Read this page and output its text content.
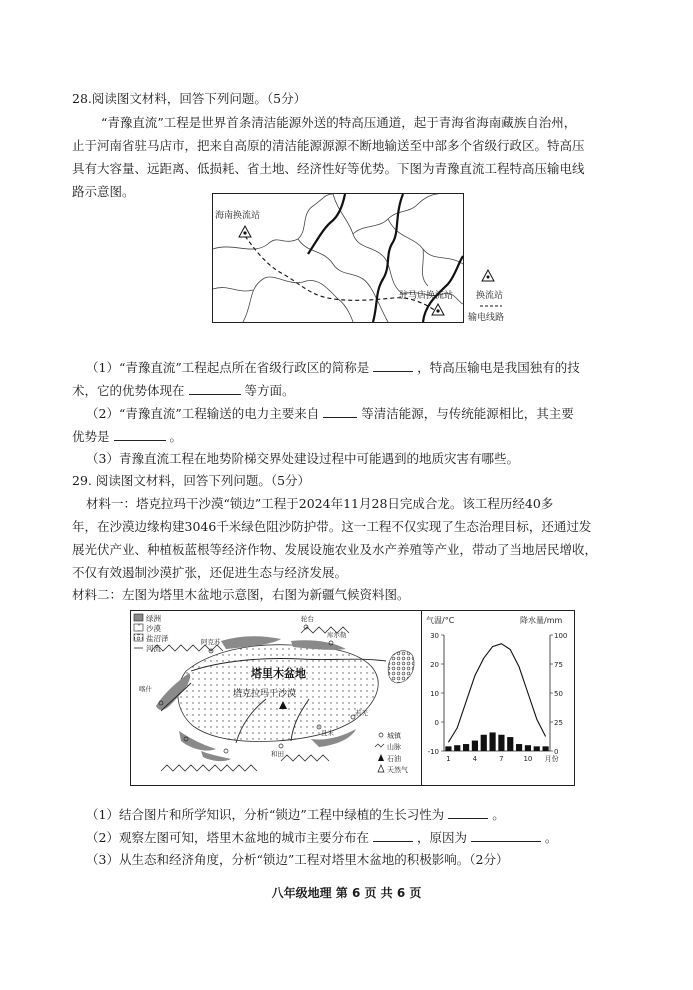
28.阅读图文材料，回答下列问题。（5分）
“青豫直流”工程是世界首条清洁能源外送的特高压通道，起于青海省海南藏族自治州，
止于河南省驻马店市，把来自高原的清洁能源源源不断地输送至中部多个省级行政区。特高压
具有大容量、远距离、低损耗、省土地、经济性好等优势。下图为青豫直流工程特高压输电线
路示意图。
海南换流站
驻马店换流站	换流站
输电线路
（1）“青豫直流”工程起点所在省级行政区的简称是	，特高压输电是我国独有的技
术，它的优势体现在	等方面。
（2）“青豫直流”工程输送的电力主要来自	等清洁能源，与传统能源相比，其主要
优势是	。
（3）青豫直流工程在地势阶梯交界处建设过程中可能遇到的地质灾害有哪些。
29. 阅读图文材料，回答下列问题。（5分）
材料一：塔克拉玛干沙漠“锁边”工程于2024年11月28日完成合龙。该工程历经40多
年，在沙漠边缘构建3046千米绿色阻沙防护带。这一工程不仅实现了生态治理目标，还通过发
展光伏产业、种植板蓝根等经济作物、发展设施农业及水产养殖等产业，带动了当地居民增收，
不仅有效遏制沙漠扩张，还促进生态与经济发展。
材料二：左图为塔里木盆地示意图，右图为新疆气候资料图。
绿洲
沙漠
盐沼泽
河流
城镇
山脉
石油
天然气
塔里木盆地
塔克拉玛干沙漠
喀什
阿克苏
库尔勒
和田
且末
若羌
轮台	气温/°C	降水量/mm
-10
0
10
20
30
0
25
50
75
100
1	4	7	10 月份
（1）结合图片和所学知识，分析“锁边”工程中绿植的生长习性为	。
（2）观察左图可知，塔里木盆地的城市主要分布在	，原因为	。
（3）从生态和经济角度，分析“锁边”工程对塔里木盆地的积极影响。（2分）
八年级地理 第 6 页 共 6 页
